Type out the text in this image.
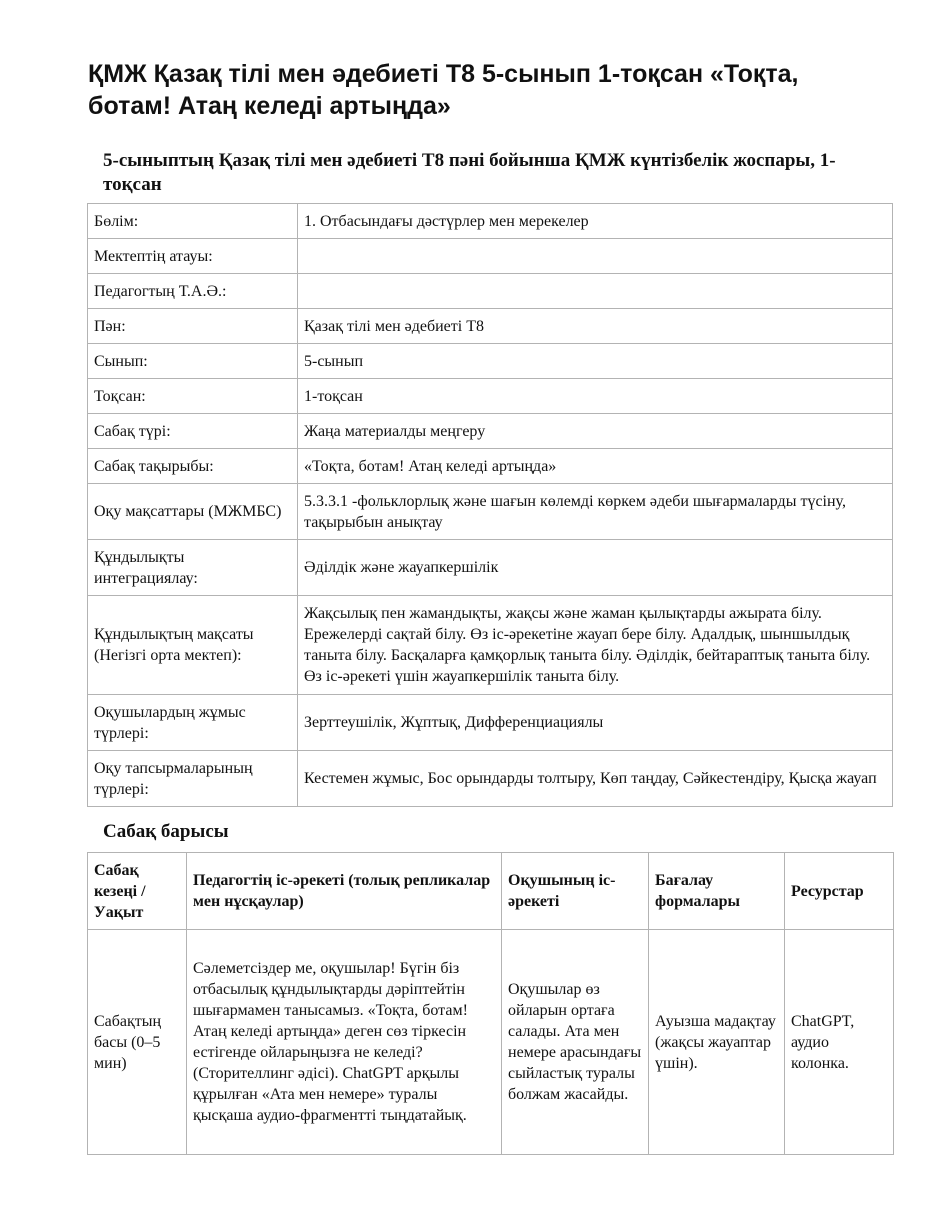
ҚМЖ Қазақ тілі мен әдебиеті Т8 5-сынып 1-тоқсан «Тоқта, ботам! Атаң келеді артыңда»
5-сыныптың Қазақ тілі мен әдебиеті Т8 пәні бойынша ҚМЖ күнтізбелік жоспары, 1-тоқсан
Бөлім:	1. Отбасындағы дәстүрлер мен мерекелер
Мектептің атауы:	
Педагогтың Т.А.Ә.:	
Пән:	Қазақ тілі мен әдебиеті Т8
Сынып:	5-сынып
Тоқсан:	1-тоқсан
Сабақ түрі:	Жаңа материалды меңгеру
Сабақ тақырыбы:	«Тоқта, ботам! Атаң келеді артыңда»
Оқу мақсаттары (МЖМБС)	5.3.3.1 -фольклорлық және шағын көлемді көркем әдеби шығармаларды түсіну, тақырыбын анықтау
Құндылықты интеграциялау:	Әділдік және жауапкершілік
Құндылықтың мақсаты (Негізгі орта мектеп):	Жақсылық пен жамандықты, жақсы және жаман қылықтарды ажырата білу. Ережелерді сақтай білу. Өз іс-әрекетіне жауап бере білу. Адалдық, шыншылдық таныта білу. Басқаларға қамқорлық таныта білу. Әділдік, бейтараптық таныта білу. Өз іс-әрекеті үшін жауапкершілік таныта білу.
Оқушылардың жұмыс түрлері:	Зерттеушілік, Жұптық, Дифференциациялы
Оқу тапсырмаларының түрлері:	Кестемен жұмыс, Бос орындарды толтыру, Көп таңдау, Сәйкестендіру, Қысқа жауап
Сабақ барысы
Сабақ кезеңі / Уақыт	Педагогтің іс-әрекеті (толық репликалар мен нұсқаулар)	Оқушының іс-әрекеті	Бағалау формалары	Ресурстар
Сабақтың басы (0–5 мин)	Сәлеметсіздер ме, оқушылар! Бүгін біз отбасылық құндылықтарды дәріптейтін шығармамен танысамыз. «Тоқта, ботам! Атаң келеді артыңда» деген сөз тіркесін естігенде ойларыңызға не келеді? (Сторителлинг әдісі). ChatGPT арқылы құрылған «Ата мен немере» туралы қысқаша аудио-фрагментті тыңдатайық.	Оқушылар өз ойларын ортаға салады. Ата мен немере арасындағы сыйластық туралы болжам жасайды.	Ауызша мадақтау (жақсы жауаптар үшін).	ChatGPT, аудио колонка.
